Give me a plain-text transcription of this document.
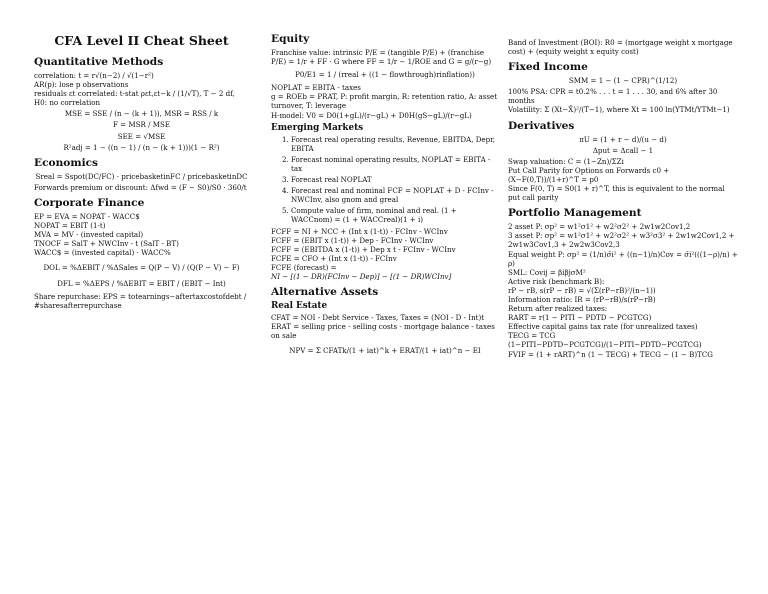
CFA Level II Cheat Sheet
Quantitative Methods

correlation: t = r√(n−2) / √(1−r²)

AR(p): lose p observations

residuals εt correlated: t-stat ρεt,εt−k / (1/√T), T − 2 df, H0: no correlation

MSE = SSE / (n − (k + 1)), MSR = RSS / k
F = MSR / MSE
SEE = √MSE
R²adj = 1 − ((n − 1) / (n − (k + 1)))(1 − R²)
Economics
Sreal = Sspot(DC/FC) · pricebasketinFC / pricebasketinDC

Forwards premium or discount: Δfwd = (F − S0)/S0 · 360/t

Corporate Finance

EP = EVA = NOPAT - WACC$

NOPAT = EBIT (1-t)

MVA = MV - (invested capital)

TNOCF = SalT + NWCInv - t (SalT - BT)

WACC$ = (invested capital) · WACC%

DOL = %ΔEBIT / %ΔSales = Q(P − V) / (Q(P − V) − F)
DFL = %ΔEPS / %ΔEBIT = EBIT / (EBIT − Int)

Share repurchase: EPS = totearnings−aftertaxcostofdebt / #sharesafterrepurchase

Equity

Franchise value: intrinsic P/E = (tangible P/E) + (franchise P/E) = 1/r + FF · G where FF = 1/r − 1/ROE and G = g/(r−g)

P0/E1 = 1 / (rreal + ((1 − flowthrough)rinflation))

NOPLAT = EBITA - taxes

g = ROEb = PRAT, P: profit margin, R: retention ratio, A: asset turnover, T: leverage

H-model: V0 = D0(1+gL)/(r−gL) + D0H(gS−gL)/(r−gL)

Emerging Markets
1. Forecast real operating results, Revenue, EBITDA, Depr, EBITA
2. Forecast nominal operating results, NOPLAT = EBITA - tax
3. Forecast real NOPLAT
4. Forecast real and nominal FCF = NOPLAT + D - FCInv - NWCInv, also gnom and greal
5. Compute value of firm, nominal and real. (1 + WACCnom) = (1 + WACCreal)(1 + i)

FCFF = NI + NCC + (Int x (1-t)) - FCInv - WCInv

FCFF = (EBIT x (1-t)) + Dep - FCInv - WCInv

FCFF = (EBITDA x (1-t)) + Dep x t - FCInv - WCInv

FCFE = CFO + (Int x (1-t)) - FCInv

FCFE (forecast) =

NI − [(1 − DR)(FCInv − Dep)] − [(1 − DR)WCInv]

Alternative Assets
Real Estate

CFAT = NOI - Debt Service - Taxes, Taxes = (NOI - D - Int)t

ERAT = selling price - selling costs - mortgage balance - taxes on sale

NPV = Σ CFATk/(1 + iat)^k + ERAT/(1 + iat)^n − EI

Band of Investment (BOI): R0 = (mortgage weight x mortgage cost) + (equity weight x equity cost)

Fixed Income
SMM = 1 − (1 − CPR)^(1/12)

100% PSA: CPR = t0.2% . . . t = 1 . . . 30, and 6% after 30 months

Volatility: Σ (Xt−X̄)²/(T−1), where Xt = 100 ln(YTMt/YTMt−1)

Derivatives
πU = (1 + r − d)/(u − d)
Δput = Δcall − 1

Swap valuation: C = (1−Zn)/ΣZi

Put Call Parity for Options on Forwards c0 + (X−F(0,T))/(1+r)^T = p0

Since F(0, T) = S0(1 + r)^T, this is equivalent to the normal put call parity

Portfolio Management

2 asset P: σp² = w1²σ1² + w2²σ2² + 2w1w2Cov1,2

3 asset P: σp² = w1²σ1² + w2²σ2² + w3²σ3² + 2w1w2Cov1,2 + 2w1w3Cov1,3 + 2w2w3Cov2,3

Equal weight P: σp² = (1/n)σ̄i² + ((n−1)/n)Cov = σ̄i²(((1−ρ)/n) + ρ)

SML: Covij = βiβjσM²

Active risk (benchmark B):

rP − rB, s(rP − rB) = √(Σ(rP−rB)²/(n−1))

Information ratio: IR = (rP−rB)/s(rP−rB)

Return after realized taxes:

RART = r(1 − PITI − PDTD − PCGTCG)

Effective capital gains tax rate (for unrealized taxes)

TECG = TCG (1−PITI−PDTD−PCGTCG)/(1−PITI−PDTD−PCGTCG)

FVIF = (1 + rART)^n (1 − TECG) + TECG − (1 − B)TCG
